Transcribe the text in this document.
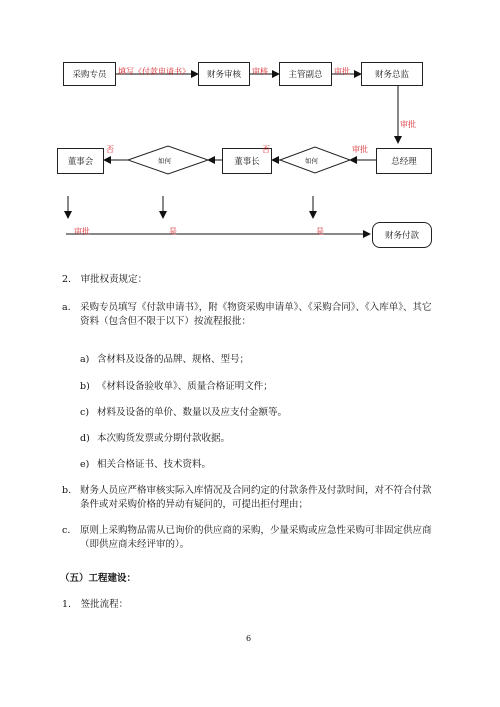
采购专员	财务审核	主管副总	财务总监
总经理
董事长
董事会
财务付款
如何	如何
填写《付款申请书》	审核	审批
审批
审批
否
否
审批	是	是
2.　审批权责规定：
a. 采购专员填写《付款申请书》，附《物资采购申请单》、《采购合同》、《入库单》、其它资料（包含但不限于以下）按流程报批：
a) 含材料及设备的品牌、规格、型号；
b) 《材料设备验收单》、质量合格证明文件；
c) 材料及设备的单价、数量以及应支付金额等。
d) 本次购货发票或分期付款收据。
e) 相关合格证书、技术资料。
b. 财务人员应严格审核实际入库情况及合同约定的付款条件及付款时间，对不符合付款条件或对采购价格的异动有疑问的，可提出拒付理由；
c. 原则上采购物品需从已询价的供应商的采购，少量采购或应急性采购可非固定供应商（即供应商未经评审的）。
（五）工程建设：
1.　签批流程：
6
